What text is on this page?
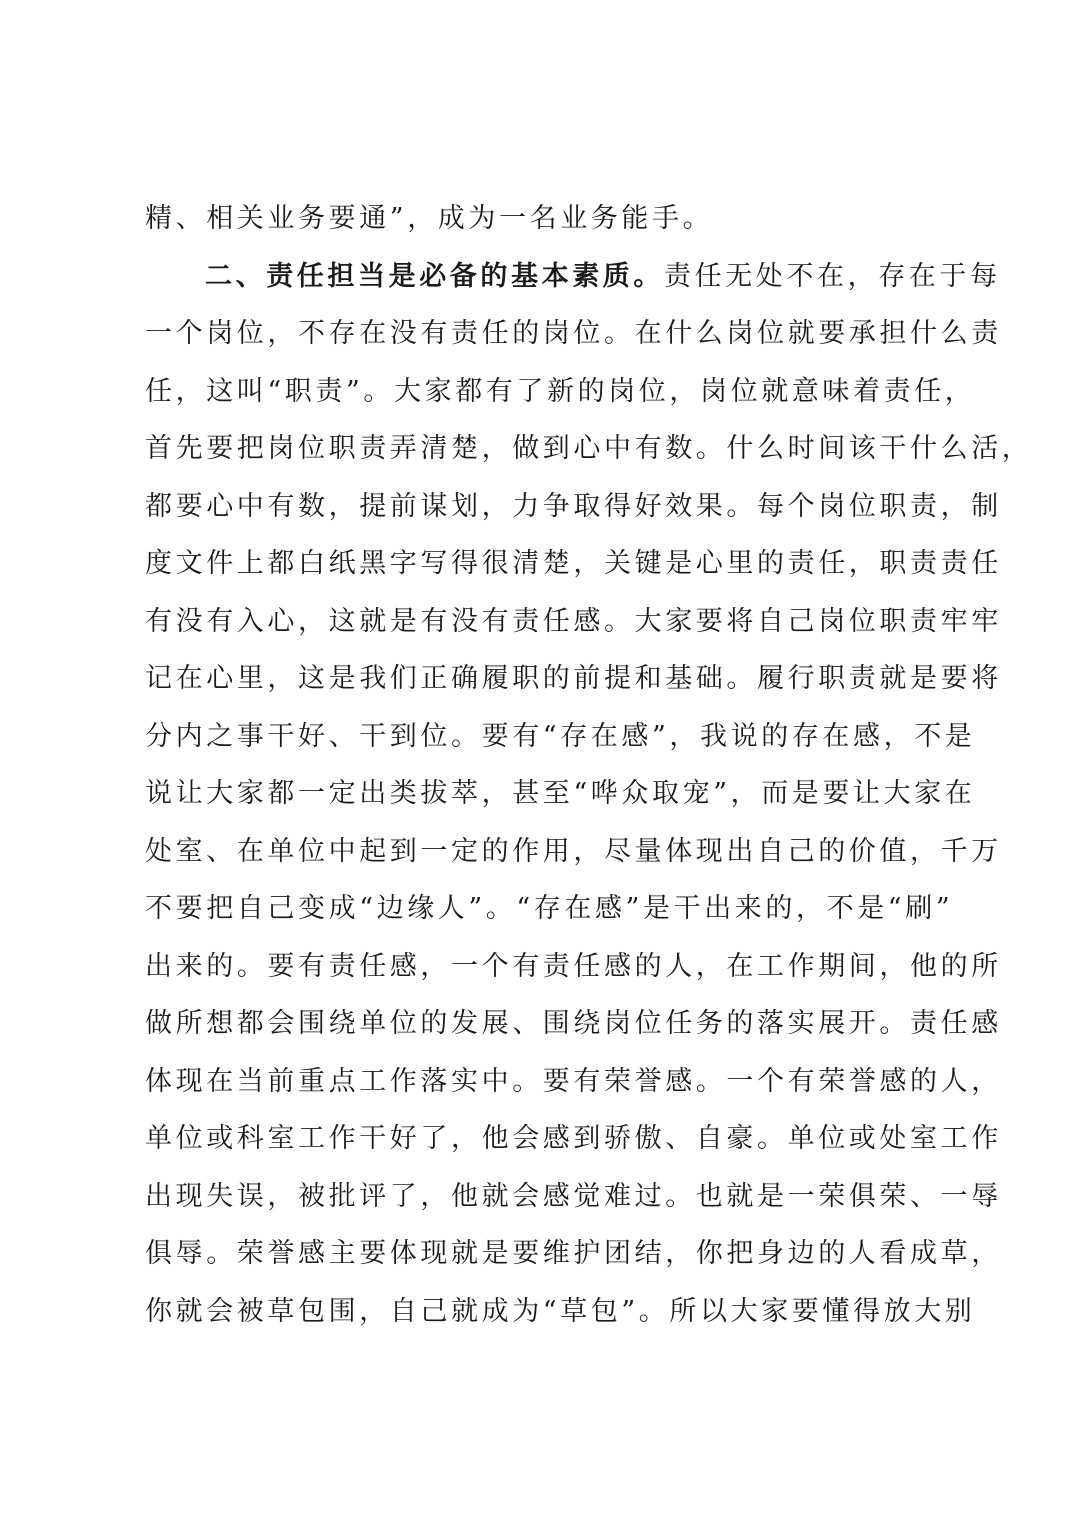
精、相关业务要通”，成为一名业务能手。
二、责任担当是必备的基本素质。责任无处不在，存在于每
一个岗位，不存在没有责任的岗位。在什么岗位就要承担什么责
任，这叫“职责”。大家都有了新的岗位，岗位就意味着责任，
首先要把岗位职责弄清楚，做到心中有数。什么时间该干什么活，
都要心中有数，提前谋划，力争取得好效果。每个岗位职责，制
度文件上都白纸黑字写得很清楚，关键是心里的责任，职责责任
有没有入心，这就是有没有责任感。大家要将自己岗位职责牢牢
记在心里，这是我们正确履职的前提和基础。履行职责就是要将
分内之事干好、干到位。要有“存在感”，我说的存在感，不是
说让大家都一定出类拔萃，甚至“哗众取宠”，而是要让大家在
处室、在单位中起到一定的作用，尽量体现出自己的价值，千万
不要把自己变成“边缘人”。“存在感”是干出来的，不是“刷”
出来的。要有责任感，一个有责任感的人，在工作期间，他的所
做所想都会围绕单位的发展、围绕岗位任务的落实展开。责任感
体现在当前重点工作落实中。要有荣誉感。一个有荣誉感的人，
单位或科室工作干好了，他会感到骄傲、自豪。单位或处室工作
出现失误，被批评了，他就会感觉难过。也就是一荣俱荣、一辱
俱辱。荣誉感主要体现就是要维护团结，你把身边的人看成草，
你就会被草包围，自己就成为“草包”。所以大家要懂得放大别
